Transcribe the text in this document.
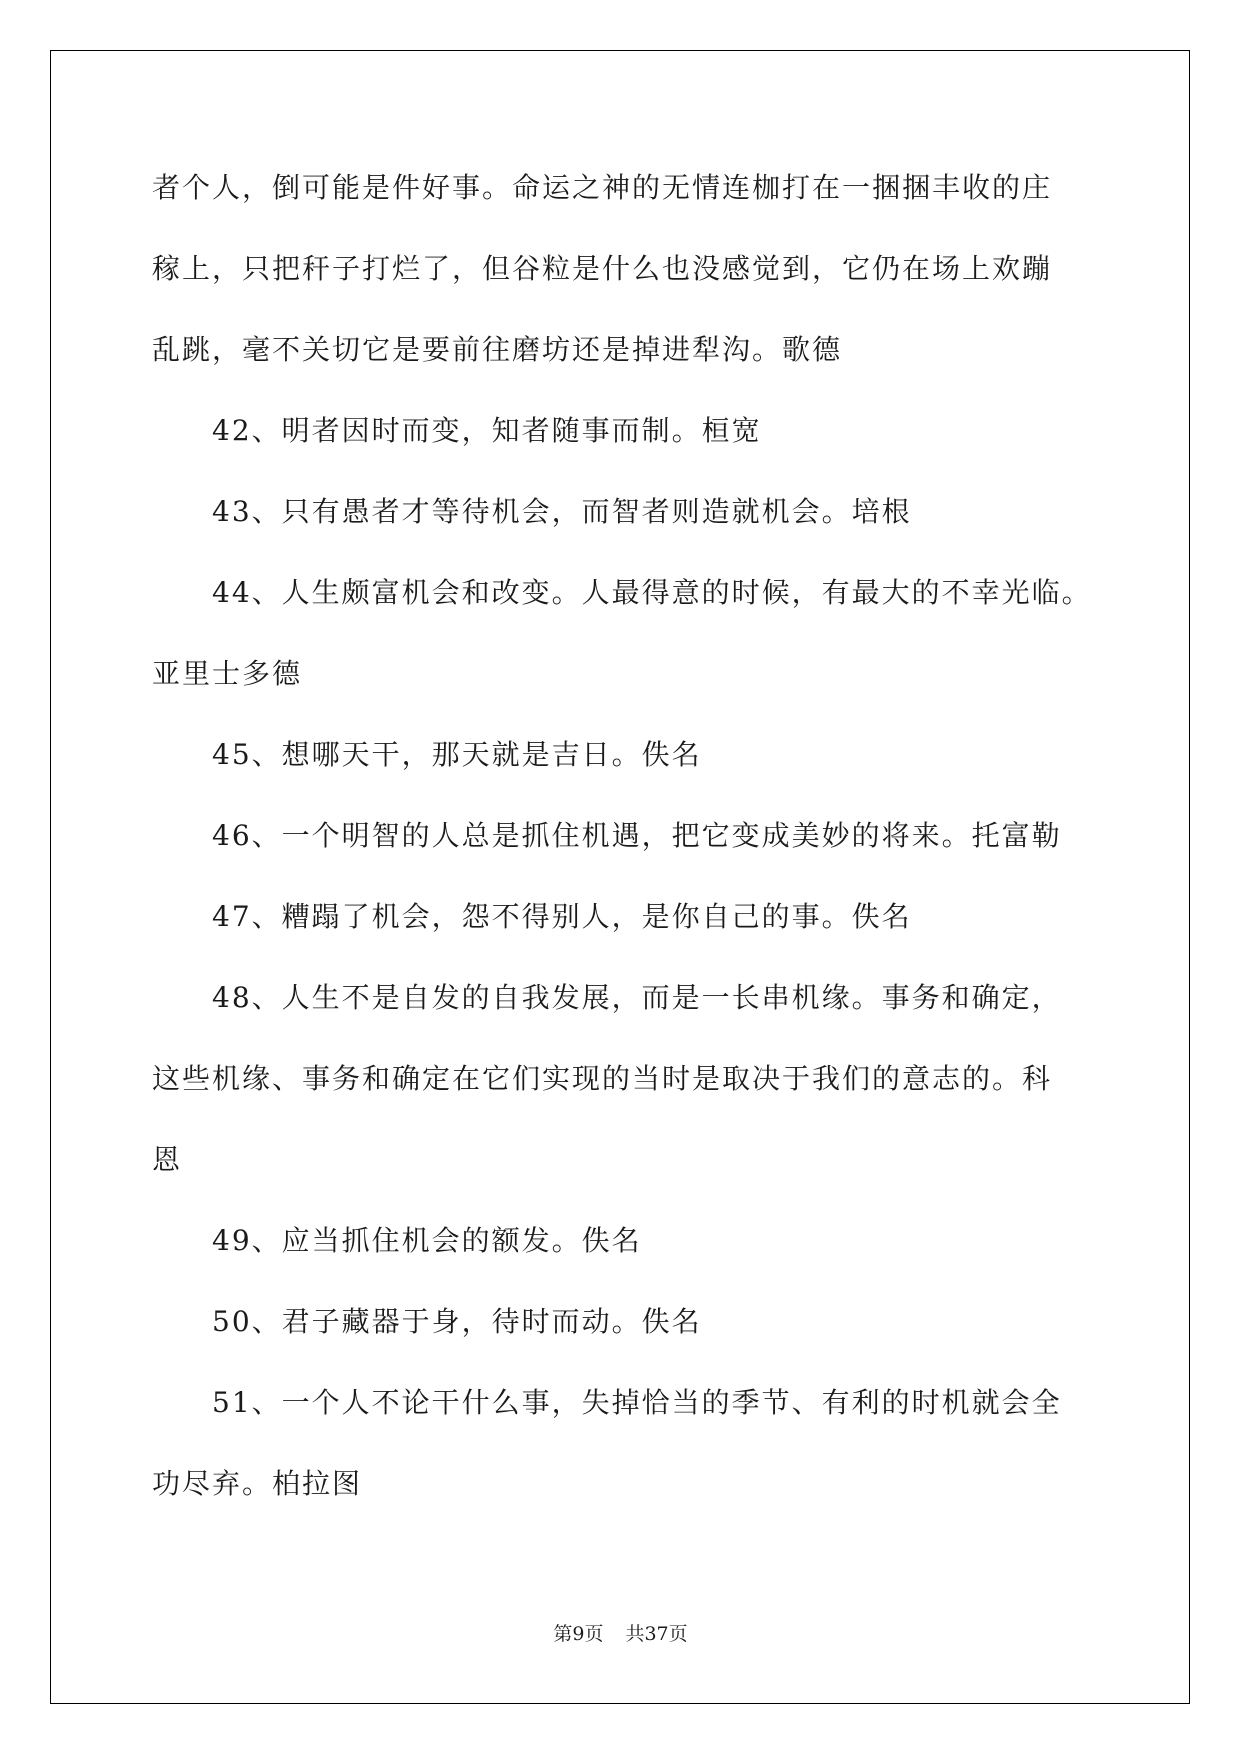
者个人，倒可能是件好事。命运之神的无情连枷打在一捆捆丰收的庄

稼上，只把秆子打烂了，但谷粒是什么也没感觉到，它仍在场上欢蹦

乱跳，毫不关切它是要前往磨坊还是掉进犁沟。歌德

42、明者因时而变，知者随事而制。桓宽

43、只有愚者才等待机会，而智者则造就机会。培根

44、人生颇富机会和改变。人最得意的时候，有最大的不幸光临。

亚里士多德

45、想哪天干，那天就是吉日。佚名

46、一个明智的人总是抓住机遇，把它变成美妙的将来。托富勒

47、糟蹋了机会，怨不得别人，是你自己的事。佚名

48、人生不是自发的自我发展，而是一长串机缘。事务和确定，

这些机缘、事务和确定在它们实现的当时是取决于我们的意志的。科

恩

49、应当抓住机会的额发。佚名

50、君子藏器于身，待时而动。佚名

51、一个人不论干什么事，失掉恰当的季节、有利的时机就会全

功尽弃。柏拉图

第9页 共37页
